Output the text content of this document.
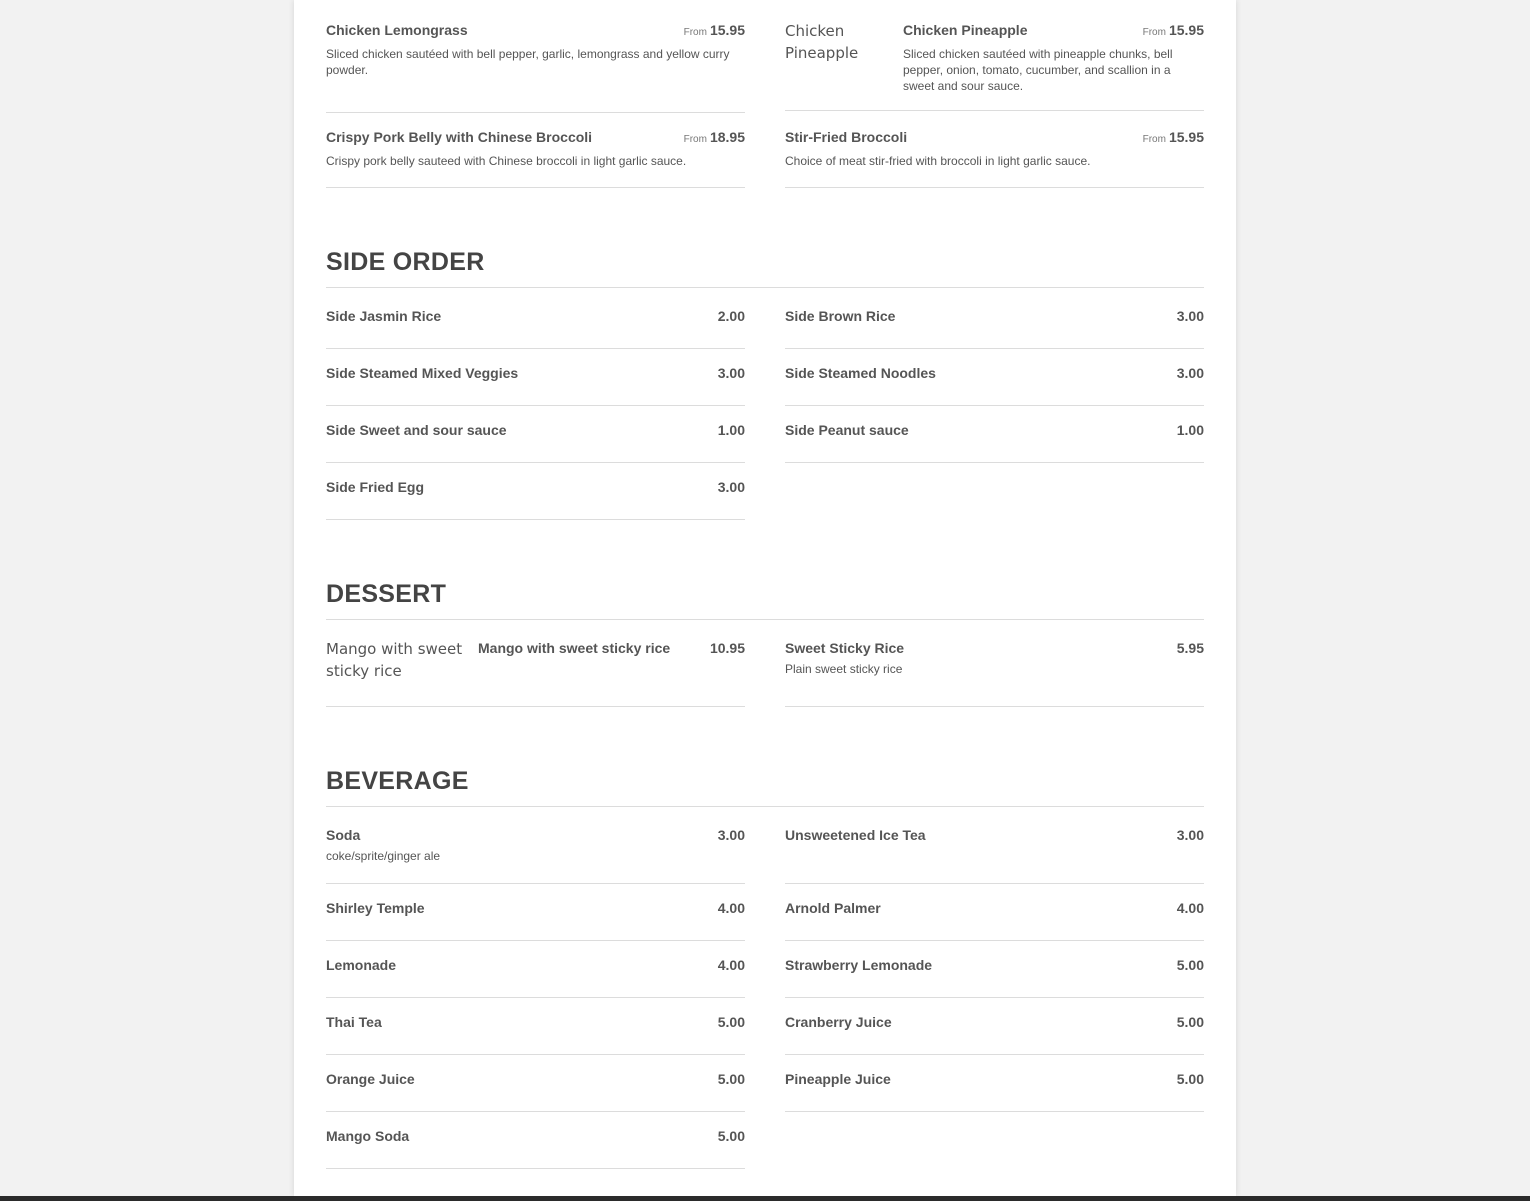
Chicken Lemongrass	From 15.95
Sliced chicken sautéed with bell pepper, garlic, lemongrass and yellow curry powder.
Chicken Pineapple
Chicken Pineapple	From 15.95
Sliced chicken sautéed with pineapple chunks, bell pepper, onion, tomato, cucumber, and scallion in a sweet and sour sauce.
Crispy Pork Belly with Chinese Broccoli	From 18.95
Crispy pork belly sauteed with Chinese broccoli in light garlic sauce.
Stir-Fried Broccoli	From 15.95
Choice of meat stir-fried with broccoli in light garlic sauce.
SIDE ORDER
Side Jasmin Rice	2.00	Side Brown Rice	3.00
Side Steamed Mixed Veggies	3.00	Side Steamed Noodles	3.00
Side Sweet and sour sauce	1.00	Side Peanut sauce	1.00
Side Fried Egg	3.00
DESSERT
Mango with sweet sticky rice
Mango with sweet sticky rice	10.95	Sweet Sticky Rice	5.95
Plain sweet sticky rice
BEVERAGE
Soda	3.00
coke/sprite/ginger ale
Unsweetened Ice Tea	3.00
Shirley Temple	4.00	Arnold Palmer	4.00
Lemonade	4.00	Strawberry Lemonade	5.00
Thai Tea	5.00	Cranberry Juice	5.00
Orange Juice	5.00	Pineapple Juice	5.00
Mango Soda	5.00
